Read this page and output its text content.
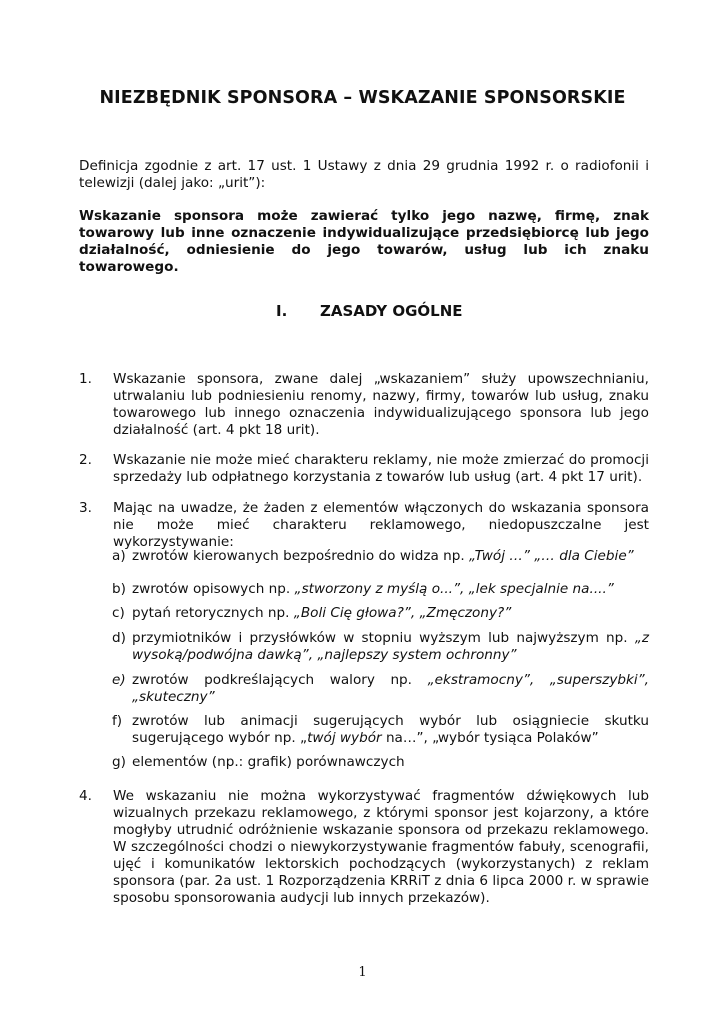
NIEZBĘDNIK SPONSORA – WSKAZANIE SPONSORSKIE
Definicja zgodnie z art. 17 ust. 1 Ustawy z dnia 29 grudnia 1992 r. o radiofonii i telewizji (dalej jako: „urit”):
Wskazanie sponsora może zawierać tylko jego nazwę, firmę, znak towarowy lub inne oznaczenie indywidualizujące przedsiębiorcę lub jego działalność, odniesienie do jego towarów, usług lub ich znaku towarowego.
I. ZASADY OGÓLNE
1. Wskazanie sponsora, zwane dalej „wskazaniem” służy upowszechnianiu, utrwalaniu lub podniesieniu renomy, nazwy, firmy, towarów lub usług, znaku towarowego lub innego oznaczenia indywidualizującego sponsora lub jego działalność (art. 4 pkt 18 urit).
2. Wskazanie nie może mieć charakteru reklamy, nie może zmierzać do promocji sprzedaży lub odpłatnego korzystania z towarów lub usług (art. 4 pkt 17 urit).
3. Mając na uwadze, że żaden z elementów włączonych do wskazania sponsora nie może mieć charakteru reklamowego, niedopuszczalne jest wykorzystywanie:
a) zwrotów kierowanych bezpośrednio do widza np. „Twój …” „… dla Ciebie”
b) zwrotów opisowych np. „stworzony z myślą o...”, „lek specjalnie na....”
c) pytań retorycznych np. „Boli Cię głowa?”, „Zmęczony?”
d) przymiotników i przysłówków w stopniu wyższym lub najwyższym np. „z wysoką/podwójna dawką”, „najlepszy system ochronny”
e) zwrotów podkreślających walory np. „ekstramocny”, „superszybki”, „skuteczny”
f) zwrotów lub animacji sugerujących wybór lub osiągniecie skutku sugerującego wybór np. „twój wybór na…”, „wybór tysiąca Polaków”
g) elementów (np.: grafik) porównawczych
4. We wskazaniu nie można wykorzystywać fragmentów dźwiękowych lub wizualnych przekazu reklamowego, z którymi sponsor jest kojarzony, a które mogłyby utrudnić odróżnienie wskazanie sponsora od przekazu reklamowego. W szczególności chodzi o niewykorzystywanie fragmentów fabuły, scenografii, ujęć i komunikatów lektorskich pochodzących (wykorzystanych) z reklam sponsora (par. 2a ust. 1 Rozporządzenia KRRiT z dnia 6 lipca 2000 r. w sprawie sposobu sponsorowania audycji lub innych przekazów).
1
